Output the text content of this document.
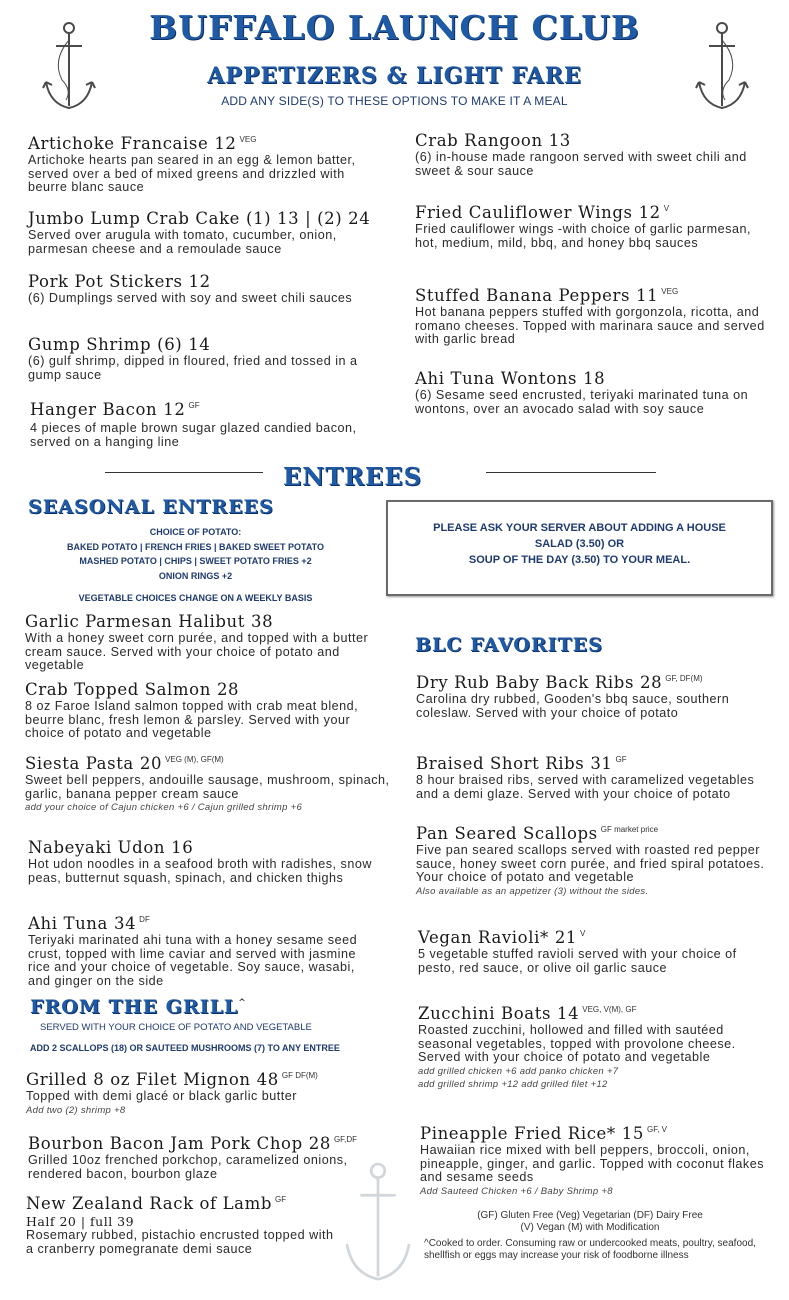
BUFFALO LAUNCH CLUB
APPETIZERS & LIGHT FARE
ADD ANY SIDE(S) TO THESE OPTIONS TO MAKE IT A MEAL
Artichoke Francaise 12 $^{VEG}$
Artichoke hearts pan seared in an egg & lemon batter, served over a bed of mixed greens and drizzled with beurre blanc sauce
Jumbo Lump Crab Cake (1) 13 | (2) 24
Served over arugula with tomato, cucumber, onion, parmesan cheese and a remoulade sauce
Pork Pot Stickers 12
(6) Dumplings served with soy and sweet chili sauces
Gump Shrimp (6) 14
(6) gulf shrimp, dipped in floured, fried and tossed in a gump sauce
Hanger Bacon 12 $^{GF}$
4 pieces of maple brown sugar glazed candied bacon, served on a hanging line
Crab Rangoon 13
(6) in-house made rangoon served with sweet chili and sweet & sour sauce
Fried Cauliflower Wings 12 $^V$
Fried cauliflower wings -with choice of garlic parmesan, hot, medium, mild, bbq, and honey bbq sauces
Stuffed Banana Peppers 11 $^{VEG}$
Hot banana peppers stuffed with gorgonzola, ricotta, and romano cheeses. Topped with marinara sauce and served with garlic bread
Ahi Tuna Wontons 18
(6) Sesame seed encrusted, teriyaki marinated tuna on wontons, over an avocado salad with soy sauce
ENTREES
SEASONAL ENTREES
CHOICE OF POTATO:
BAKED POTATO | FRENCH FRIES | BAKED SWEET POTATO
MASHED POTATO | CHIPS | SWEET POTATO FRIES +2
ONION RINGS +2
VEGETABLE CHOICES CHANGE ON A WEEKLY BASIS
PLEASE ASK YOUR SERVER ABOUT ADDING A HOUSE
SALAD (3.50) OR
SOUP OF THE DAY (3.50) TO YOUR MEAL.
Garlic Parmesan Halibut 38
With a honey sweet corn purée, and topped with a butter cream sauce. Served with your choice of potato and vegetable
Crab Topped Salmon 28
8 oz Faroe Island salmon topped with crab meat blend, beurre blanc, fresh lemon & parsley. Served with your choice of potato and vegetable
Siesta Pasta 20 $^{VEG (M), GF(M)}$
Sweet bell peppers, andouille sausage, mushroom, spinach, garlic, banana pepper cream sauce
add your choice of Cajun chicken +6 / Cajun grilled shrimp +6
Nabeyaki Udon 16
Hot udon noodles in a seafood broth with radishes, snow peas, butternut squash, spinach, and chicken thighs
Ahi Tuna 34 $^{DF}$
Teriyaki marinated ahi tuna with a honey sesame seed crust, topped with lime caviar and served with jasmine rice and your choice of vegetable. Soy sauce, wasabi, and ginger on the side
FROM THE GRILL^
SERVED WITH YOUR CHOICE OF POTATO AND VEGETABLE
ADD 2 SCALLOPS (18) OR SAUTEED MUSHROOMS (7) TO ANY ENTREE
Grilled 8 oz Filet Mignon 48 $^{GF DF(M)}$
Topped with demi glacé or black garlic butter
Add two (2) shrimp +8
Bourbon Bacon Jam Pork Chop 28 $^{GF,DF}$
Grilled 10oz frenched porkchop, caramelized onions, rendered bacon, bourbon glaze
New Zealand Rack of Lamb $^{GF}$
Half 20 | full 39
Rosemary rubbed, pistachio encrusted topped with a cranberry pomegranate demi sauce
BLC FAVORITES
Dry Rub Baby Back Ribs 28 $^{GF, DF(M)}$
Carolina dry rubbed, Gooden's bbq sauce, southern coleslaw. Served with your choice of potato
Braised Short Ribs 31 $^{GF}$
8 hour braised ribs, served with caramelized vegetables and a demi glaze. Served with your choice of potato
Pan Seared Scallops $^{GF market price}$
Five pan seared scallops served with roasted red pepper sauce, honey sweet corn purée, and fried spiral potatoes. Your choice of potato and vegetable
Also available as an appetizer (3) without the sides.
Vegan Ravioli* 21 $^V$
5 vegetable stuffed ravioli served with your choice of pesto, red sauce, or olive oil garlic sauce
Zucchini Boats 14 $^{VEG, V(M), GF}$
Roasted zucchini, hollowed and filled with sautéed seasonal vegetables, topped with provolone cheese. Served with your choice of potato and vegetable
add grilled chicken +6 add panko chicken +7
add grilled shrimp +12 add grilled filet +12
Pineapple Fried Rice* 15 $^{GF, V}$
Hawaiian rice mixed with bell peppers, broccoli, onion, pineapple, ginger, and garlic. Topped with coconut flakes and sesame seeds
Add Sauteed Chicken +6 / Baby Shrimp +8
(GF) Gluten Free (Veg) Vegetarian (DF) Dairy Free
(V) Vegan (M) with Modification
^Cooked to order. Consuming raw or undercooked meats, poultry, seafood, shellfish or eggs may increase your risk of foodborne illness
